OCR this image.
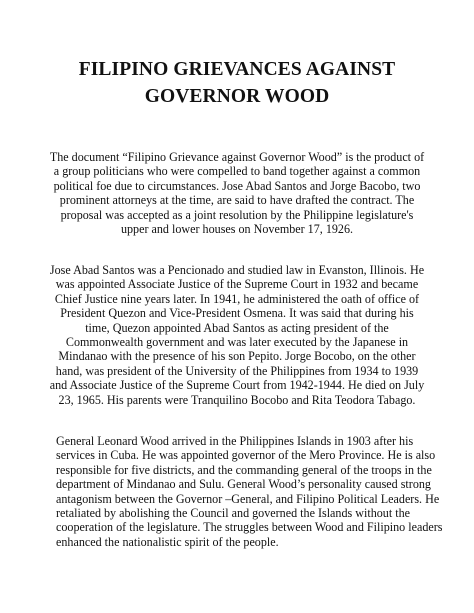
FILIPINO GRIEVANCES AGAINST
GOVERNOR WOOD

The document “Filipino Grievance against Governor Wood” is the product of
a group politicians who were compelled to band together against a common
political foe due to circumstances. Jose Abad Santos and Jorge Bacobo, two
prominent attorneys at the time, are said to have drafted the contract. The
proposal was accepted as a joint resolution by the Philippine legislature's
upper and lower houses on November 17, 1926.

Jose Abad Santos was a Pencionado and studied law in Evanston, Illinois. He
was appointed Associate Justice of the Supreme Court in 1932 and became
Chief Justice nine years later. In 1941, he administered the oath of office of
President Quezon and Vice-President Osmena. It was said that during his
time, Quezon appointed Abad Santos as acting president of the
Commonwealth government and was later executed by the Japanese in
Mindanao with the presence of his son Pepito. Jorge Bocobo, on the other
hand, was president of the University of the Philippines from 1934 to 1939
and Associate Justice of the Supreme Court from 1942-1944. He died on July
23, 1965. His parents were Tranquilino Bocobo and Rita Teodora Tabago.

General Leonard Wood arrived in the Philippines Islands in 1903 after his
services in Cuba. He was appointed governor of the Mero Province. He is also
responsible for five districts, and the commanding general of the troops in the
department of Mindanao and Sulu. General Wood’s personality caused strong
antagonism between the Governor –General, and Filipino Political Leaders. He
retaliated by abolishing the Council and governed the Islands without the
cooperation of the legislature. The struggles between Wood and Filipino leaders
enhanced the nationalistic spirit of the people.
